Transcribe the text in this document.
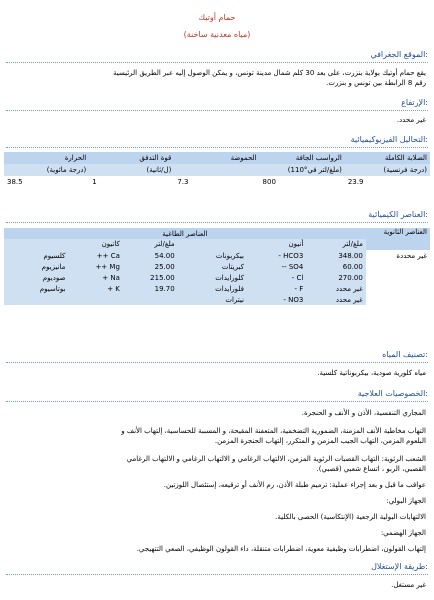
حمام أوتيك
(مياه معدنية ساخنة)
الموقع الجغرافي:
يقع حمام أوتيك بولاية بنزرت، على بعد 30 كلم شمال مدينة تونس، و يمكن الوصول إليه عبر الطريق الرئيسية
رقم 8 الرابطة بين تونس و بنزرت.
الإرتفاع:
غير محدد.
التحاليل الفيزيوكيميائية:
الصلابة الكاملة	الرواسب الجافة	الحموضة	قوة التدفق	الحرارة
(درجة فرنسية)	(ملغ/لتر في°110)		(ل/ثانية)	(درجة مائوية)
23.9	800	7.3	1	38.5
العناصر الكيميائية:
العناصر الثانوية	العناصر الطاغية					
	ملغ/لتر	أنيون		ملغ/لتر	كاتيون	

غير محددة	348.00	HCO3 -	بيكربونات	54.00	Ca ++	كلسيوم
	60.00	SO4 --	كبريتات	25.00	Mg ++	مانيزيوم
	270.00	Cl -	كلورايدات	215.00	Na +	صوديوم
	غير محدد	F -	فلورايدات	19.70	K +	بوتاسيوم
	غير محدد	NO3 -	نيترات			
تصنيف المياه:
مياه كلورية صودية، بيكربوناتية كلسية.
الخصوصيات العلاجية:
المجاري التنفسية، الأذن و الأنف و الحنجرة.
التهاب مخاطية الأنف المزمنة، الضمورية التضخمية، المتعفنة المقيحة، و المسببة للحساسية، إلتهاب الأنف و
البلعوم المزمن، التهاب الجيب المزمن و المتكرر، إلتهاب الحنجرة المزمن.
الشعب الرئوية: التهاب القصبات الرئوية المزمن، الالتهاب الرغامي و الالتهاب الرغامي و الالتهاب الرغامي
القصبي، الربو ، اتساع شعبي (قصبي).
عواقب ما قبل و بعد إجراء عملية: ترميم طبلة الأذن، رم الأنف أو ترقيعه، إستئصال اللوزتين.
الجهاز البولي:
الالتهابات البولية الرجعية (الإنتكاسية) الحصى بالكلية.
الجهاز الهضمي:
إلتهاب القولون، اضطرابات وظيفية معوية، اضطرابات متنقلة، داء القولون الوظيفي، الصعي التتهيجي.
طريقة الإستغلال:
غير مستغل.
